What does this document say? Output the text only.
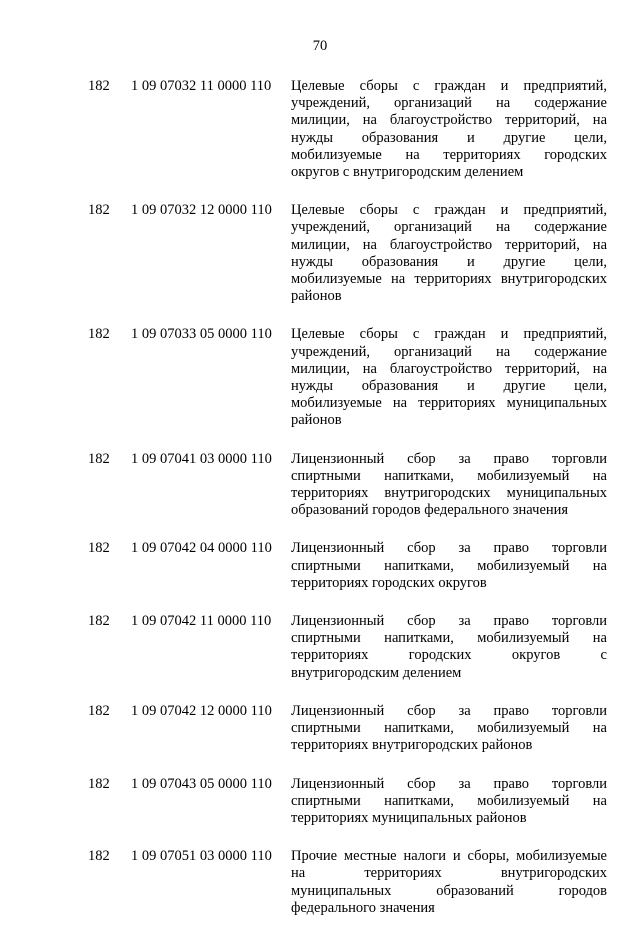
70
182 1 09 07032 11 0000 110 Целевые сборы с граждан и предприятий,
учреждений, организаций на содержание
милиции, на благоустройство территорий, на
нужды образования и другие цели,
мобилизуемые на территориях городских
округов с внутригородским делением
182 1 09 07032 12 0000 110 Целевые сборы с граждан и предприятий,
учреждений, организаций на содержание
милиции, на благоустройство территорий, на
нужды образования и другие цели,
мобилизуемые на территориях внутригородских
районов
182 1 09 07033 05 0000 110 Целевые сборы с граждан и предприятий,
учреждений, организаций на содержание
милиции, на благоустройство территорий, на
нужды образования и другие цели,
мобилизуемые на территориях муниципальных
районов
182 1 09 07041 03 0000 110 Лицензионный сбор за право торговли
спиртными напитками, мобилизуемый на
территориях внутригородских муниципальных
образований городов федерального значения
182 1 09 07042 04 0000 110 Лицензионный сбор за право торговли
спиртными напитками, мобилизуемый на
территориях городских округов
182 1 09 07042 11 0000 110 Лицензионный сбор за право торговли
спиртными напитками, мобилизуемый на
территориях городских округов с
внутригородским делением
182 1 09 07042 12 0000 110 Лицензионный сбор за право торговли
спиртными напитками, мобилизуемый на
территориях внутригородских районов
182 1 09 07043 05 0000 110 Лицензионный сбор за право торговли
спиртными напитками, мобилизуемый на
территориях муниципальных районов
182 1 09 07051 03 0000 110 Прочие местные налоги и сборы, мобилизуемые
на территориях внутригородских
муниципальных образований городов
федерального значения
